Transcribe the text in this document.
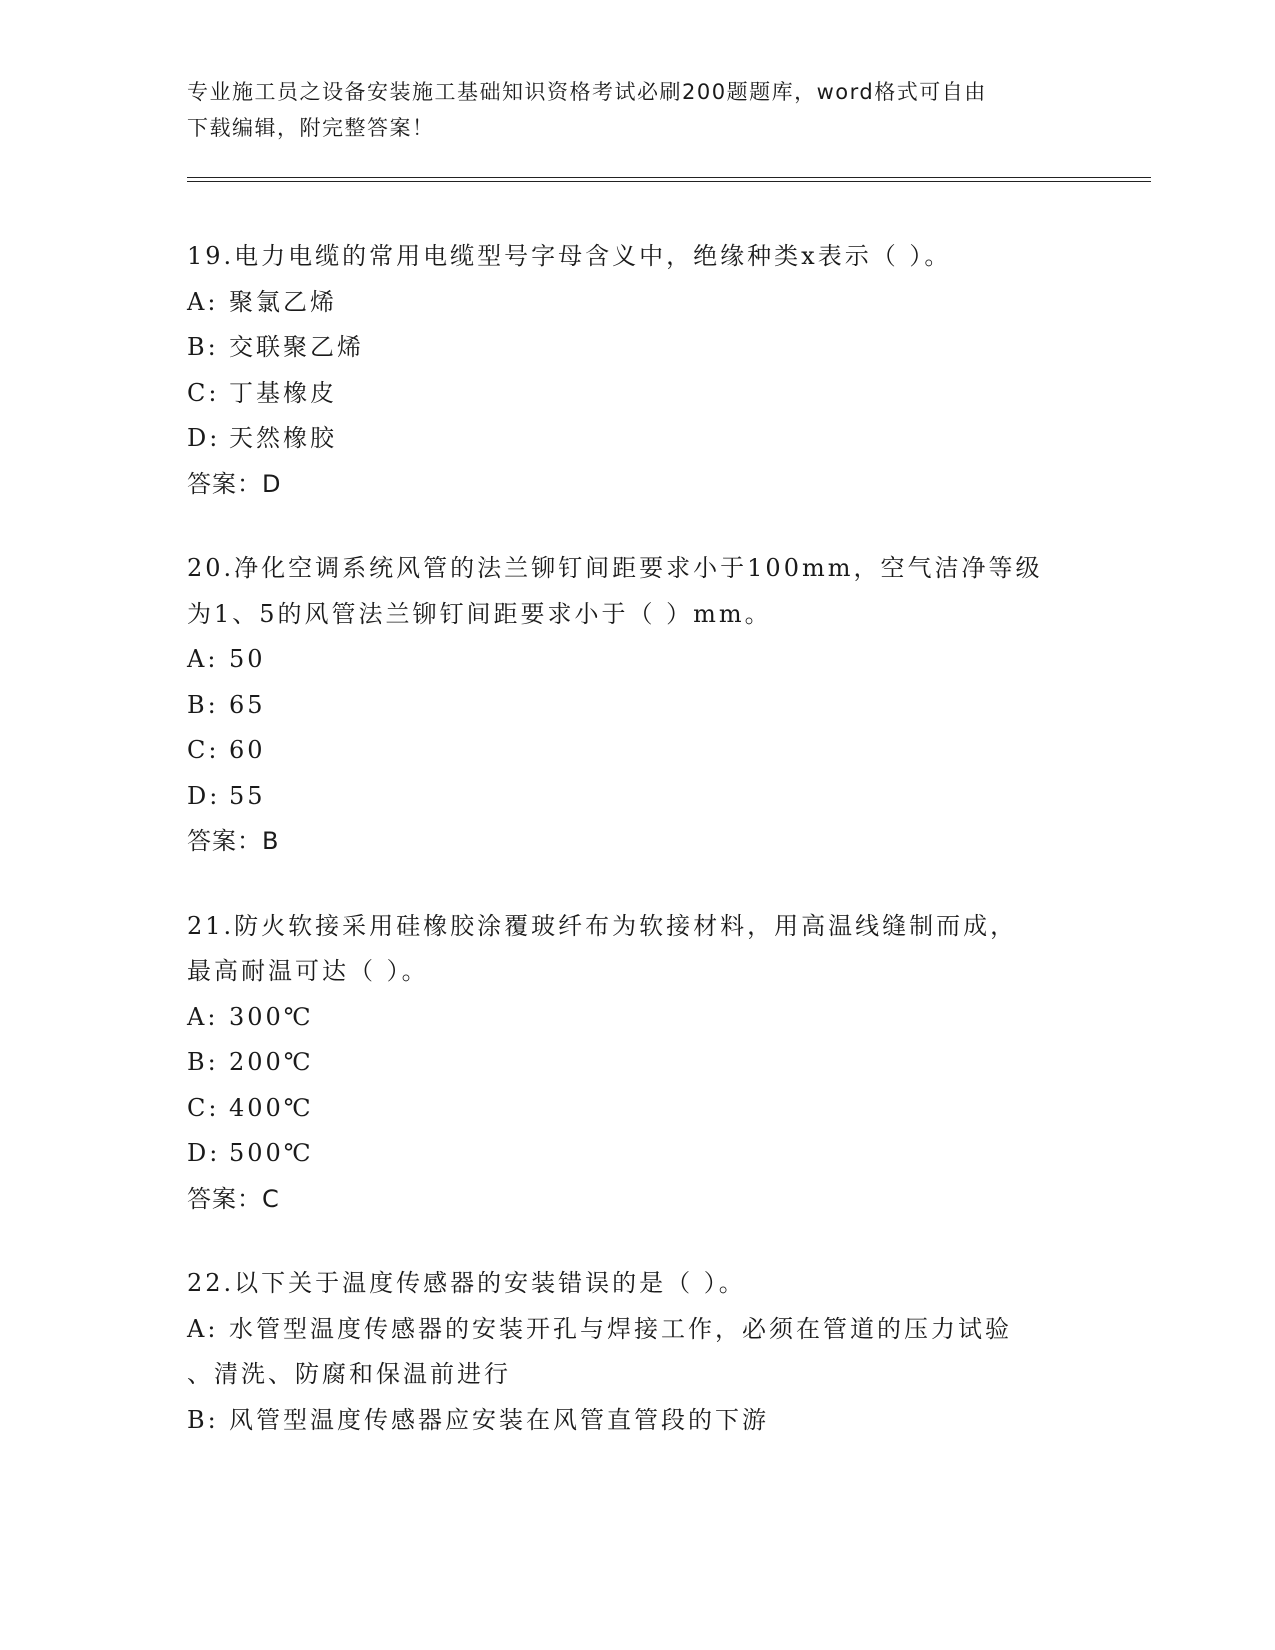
专业施工员之设备安装施工基础知识资格考试必刷200题题库，word格式可自由
下载编辑，附完整答案！
19.电力电缆的常用电缆型号字母含义中，绝缘种类x表示（ ）。
A: 聚氯乙烯
B: 交联聚乙烯
C: 丁基橡皮
D: 天然橡胶
答案：D
20.净化空调系统风管的法兰铆钉间距要求小于100mm，空气洁净等级
为1、5的风管法兰铆钉间距要求小于（ ）mm。
A: 50
B: 65
C: 60
D: 55
答案：B
21.防火软接采用硅橡胶涂覆玻纤布为软接材料，用高温线缝制而成，
最高耐温可达（ ）。
A: 300℃
B: 200℃
C: 400℃
D: 500℃
答案：C
22.以下关于温度传感器的安装错误的是（ ）。
A: 水管型温度传感器的安装开孔与焊接工作，必须在管道的压力试验
、清洗、防腐和保温前进行
B: 风管型温度传感器应安装在风管直管段的下游
